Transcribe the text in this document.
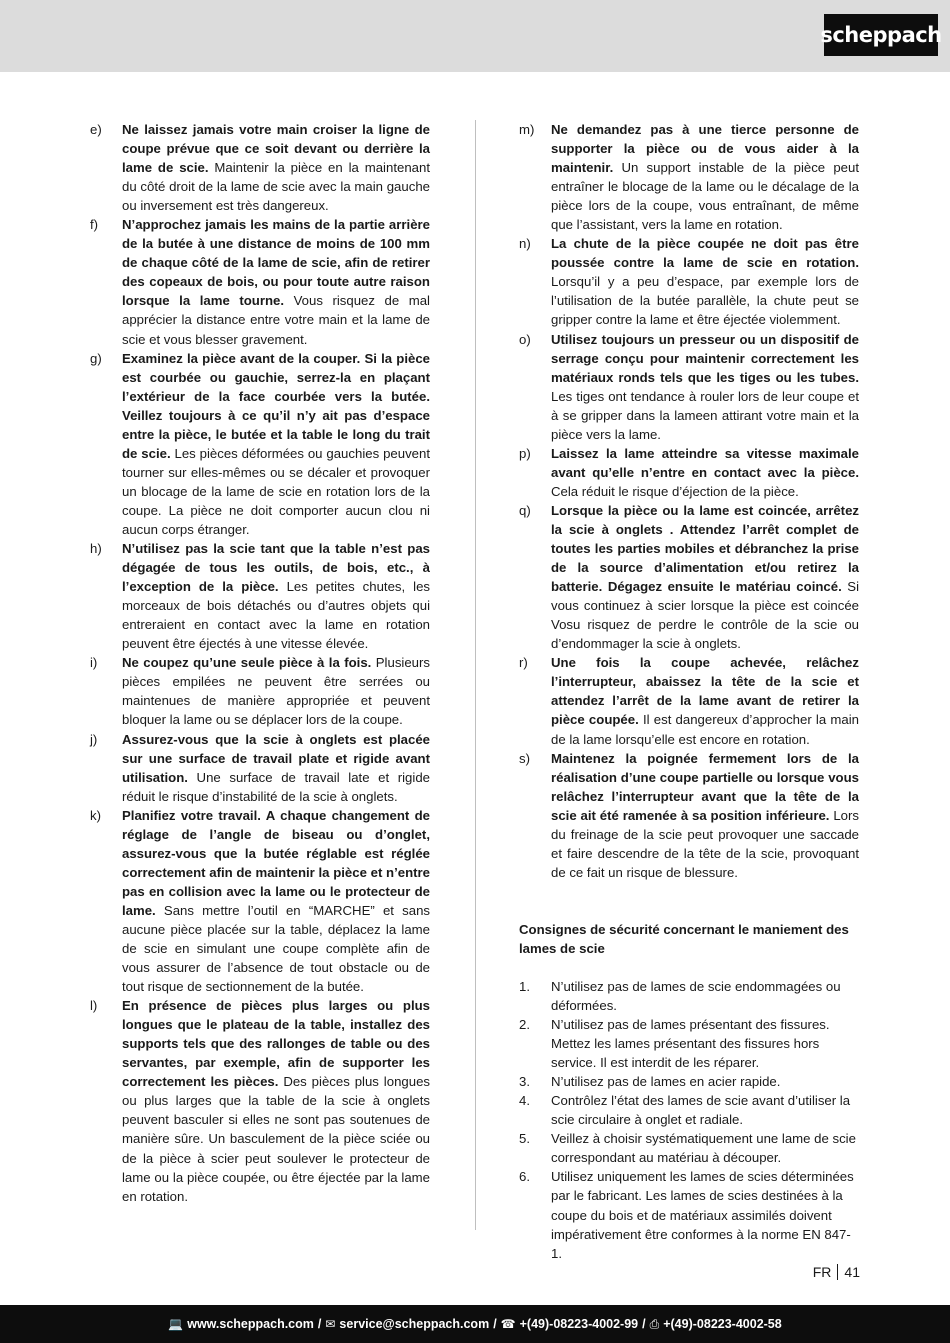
scheppach
e)	Ne laissez jamais votre main croiser la ligne de coupe prévue que ce soit devant ou derrière la lame de scie. Maintenir la pièce en la maintenant du côté droit de la lame de scie avec la main gauche ou inversement est très dangereux.
f)	N’approchez jamais les mains de la partie arrière de la butée à une distance de moins de 100 mm de chaque côté de la lame de scie, afin de retirer des copeaux de bois, ou pour toute autre raison lorsque la lame tourne. Vous risquez de mal apprécier la distance entre votre main et la lame de scie et vous blesser gravement.
g)	Examinez la pièce avant de la couper. Si la pièce est courbée ou gauchie, serrez-la en plaçant l’extérieur de la face courbée vers la butée. Veillez toujours à ce qu’il n’y ait pas d’espace entre la pièce, le butée et la table le long du trait de scie. Les pièces déformées ou gauchies peuvent tourner sur elles-mêmes ou se décaler et provoquer un blocage de la lame de scie en rotation lors de la coupe. La pièce ne doit comporter aucun clou ni aucun corps étranger.
h)	N’utilisez pas la scie tant que la table n’est pas dégagée de tous les outils, de bois, etc., à l’exception de la pièce. Les petites chutes, les morceaux de bois détachés ou d’autres objets qui entreraient en contact avec la lame en rotation peuvent être éjectés à une vitesse élevée.
i)	Ne coupez qu’une seule pièce à la fois. Plusieurs pièces empilées ne peuvent être serrées ou maintenues de manière appropriée et peuvent bloquer la lame ou se déplacer lors de la coupe.
j)	Assurez-vous que la scie à onglets est placée sur une surface de travail plate et rigide avant utilisation. Une surface de travail late et rigide réduit le risque d’instabilité de la scie à onglets.
k)	Planifiez votre travail. A chaque changement de réglage de l’angle de biseau ou d’onglet, assurez-vous que la butée réglable est réglée correctement afin de maintenir la pièce et n’entre pas en collision avec la lame ou le protecteur de lame. Sans mettre l’outil en “MARCHE” et sans aucune pièce placée sur la table, déplacez la lame de scie en simulant une coupe complète afin de vous assurer de l’absence de tout obstacle ou de tout risque de sectionnement de la butée.
l)	En présence de pièces plus larges ou plus longues que le plateau de la table, installez des supports tels que des rallonges de table ou des servantes, par exemple, afin de supporter les correctement les pièces. Des pièces plus longues ou plus larges que la table de la scie à onglets peuvent basculer si elles ne sont pas soutenues de manière sûre. Un basculement de la pièce sciée ou de la pièce à scier peut soulever le protecteur de lame ou la pièce coupée, ou être éjectée par la lame en rotation.
m)	Ne demandez pas à une tierce personne de supporter la pièce ou de vous aider à la maintenir. Un support instable de la pièce peut entraîner le blocage de la lame ou le décalage de la pièce lors de la coupe, vous entraînant, de même que l’assistant, vers la lame en rotation.
n)	La chute de la pièce coupée ne doit pas être poussée contre la lame de scie en rotation. Lorsqu’il y a peu d’espace, par exemple lors de l’utilisation de la butée parallèle, la chute peut se gripper contre la lame et être éjectée violemment.
o)	Utilisez toujours un presseur ou un dispositif de serrage conçu pour maintenir correctement les matériaux ronds tels que les tiges ou les tubes. Les tiges ont tendance à rouler lors de leur coupe et à se gripper dans la lameen attirant votre main et la pièce vers la lame.
p)	Laissez la lame atteindre sa vitesse maximale avant qu’elle n’entre en contact avec la pièce. Cela réduit le risque d’éjection de la pièce.
q)	Lorsque la pièce ou la lame est coincée, arrêtez la scie à onglets . Attendez l’arrêt complet de toutes les parties mobiles et débranchez la prise de la source d’alimentation et/ou retirez la batterie. Dégagez ensuite le matériau coincé. Si vous continuez à scier lorsque la pièce est coincée Vosu risquez de perdre le contrôle de la scie ou d’endommager la scie à onglets.
r)	Une fois la coupe achevée, relâchez l’interrupteur, abaissez la tête de la scie et attendez l’arrêt de la lame avant de retirer la pièce coupée. Il est dangereux d’approcher la main de la lame lorsqu’elle est encore en rotation.
s)	Maintenez la poignée fermement lors de la réalisation d’une coupe partielle ou lorsque vous relâchez l’interrupteur avant que la tête de la scie ait été ramenée à sa position inférieure. Lors du freinage de la scie peut provoquer une saccade et faire descendre de la tête de la scie, provoquant de ce fait un risque de blessure.
Consignes de sécurité concernant le maniement des lames de scie
1.	N’utilisez pas de lames de scie endommagées ou déformées.
2.	N’utilisez pas de lames présentant des fissures. Mettez les lames présentant des fissures hors service. Il est interdit de les réparer.
3.	N’utilisez pas de lames en acier rapide.
4.	Contrôlez l’état des lames de scie avant d’utiliser la scie circulaire à onglet et radiale.
5.	Veillez à choisir systématiquement une lame de scie correspondant au matériau à découper.
6.	Utilisez uniquement les lames de scies déterminées par le fabricant. Les lames de scies destinées à la coupe du bois et de matériaux assimilés doivent impérativement être conformes à la norme EN 847-1.
FR 41
💻 www.scheppach.com / ✉ service@scheppach.com / ☎ +(49)-08223-4002-99 / ⎙ +(49)-08223-4002-58
